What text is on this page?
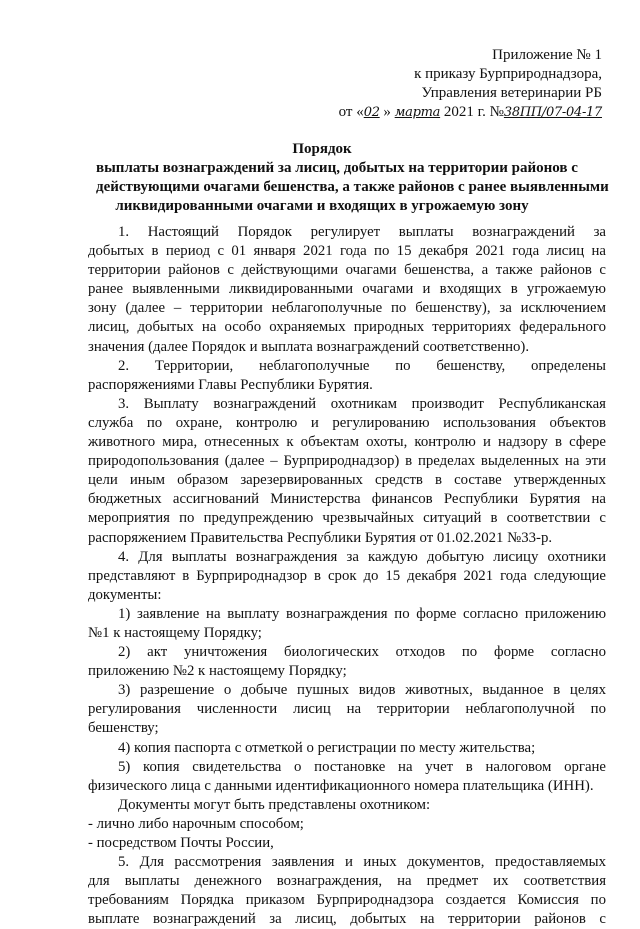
Приложение № 1
к приказу Бурприроднадзора,
Управления ветеринарии РБ
от «02 » марта 2021 г. №38ПП/07-04-17
Порядок
выплаты вознаграждений за лисиц, добытых на территории районов с
действующими очагами бешенства, а также районов с ранее выявленными
ликвидированными очагами и входящих в угрожаемую зону
1. Настоящий Порядок регулирует выплаты вознаграждений за
добытых в период с 01 января 2021 года по 15 декабря 2021 года лисиц на
территории районов с действующими очагами бешенства, а также районов с
ранее выявленными ликвидированными очагами и входящих в угрожаемую
зону (далее – территории неблагополучные по бешенству), за исключением
лисиц, добытых на особо охраняемых природных территориях федерального
значения (далее Порядок и выплата вознаграждений соответственно).
2. Территории, неблагополучные по бешенству, определены
распоряжениями Главы Республики Бурятия.
3. Выплату вознаграждений охотникам производит Республиканская
служба по охране, контролю и регулированию использования объектов
животного мира, отнесенных к объектам охоты, контролю и надзору в сфере
природопользования (далее – Бурприроднадзор) в пределах выделенных на эти
цели иным образом зарезервированных средств в составе утвержденных
бюджетных ассигнований Министерства финансов Республики Бурятия на
мероприятия по предупреждению чрезвычайных ситуаций в соответствии с
распоряжением Правительства Республики Бурятия от 01.02.2021 №33-р.
4. Для выплаты вознаграждения за каждую добытую лисицу охотники
представляют в Бурприроднадзор в срок до 15 декабря 2021 года следующие
документы:
1) заявление на выплату вознаграждения по форме согласно приложению
№1 к настоящему Порядку;
2) акт уничтожения биологических отходов по форме согласно
приложению №2 к настоящему Порядку;
3) разрешение о добыче пушных видов животных, выданное в целях
регулирования численности лисиц на территории неблагополучной по
бешенству;
4) копия паспорта с отметкой о регистрации по месту жительства;
5) копия свидетельства о постановке на учет в налоговом органе
физического лица с данными идентификационного номера плательщика (ИНН).
Документы могут быть представлены охотником:
- лично либо нарочным способом;
- посредством Почты России,
5. Для рассмотрения заявления и иных документов, предоставляемых
для выплаты денежного вознаграждения, на предмет их соответствия
требованиям Порядка приказом Бурприроднадзора создается Комиссия по
выплате вознаграждений за лисиц, добытых на территории районов с
